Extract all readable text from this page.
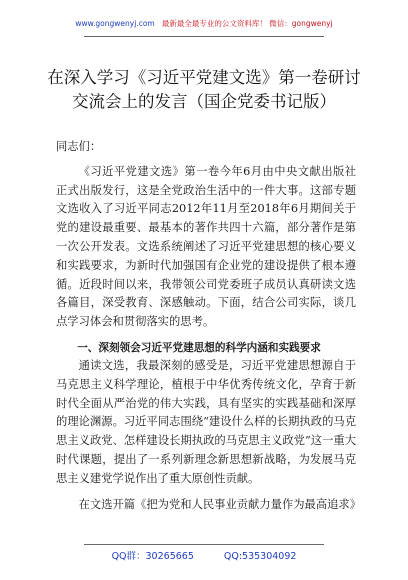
www.gongwenyj.com 最新最全最专业的公文资料库！ 微信：gongwenyj
在深入学习《习近平党建文选》第一卷研讨交流会上的发言（国企党委书记版）

同志们：

《习近平党建文选》第一卷今年6月由中央文献出版社正式出版发行，这是全党政治生活中的一件大事。这部专题文选收入了习近平同志2012年11月至2018年6月期间关于党的建设最重要、最基本的著作共四十六篇，部分著作是第一次公开发表。文选系统阐述了习近平党建思想的核心要义和实践要求，为新时代加强国有企业党的建设提供了根本遵循。近段时间以来，我带领公司党委班子成员认真研读文选各篇目，深受教育、深感触动。下面，结合公司实际，谈几点学习体会和贯彻落实的思考。

一、深刻领会习近平党建思想的科学内涵和实践要求

通读文选，我最深刻的感受是，习近平党建思想源自于马克思主义科学理论，植根于中华优秀传统文化，孕育于新时代全面从严治党的伟大实践，具有坚实的实践基础和深厚的理论渊源。习近平同志围绕“建设什么样的长期执政的马克思主义政党、怎样建设长期执政的马克思主义政党”这一重大时代课题，提出了一系列新理念新思想新战略，为发展马克思主义建党学说作出了重大原创性贡献。

在文选开篇《把为党和人民事业贡献力量作为最高追求》

QQ群：30265665	QQ:535304092
